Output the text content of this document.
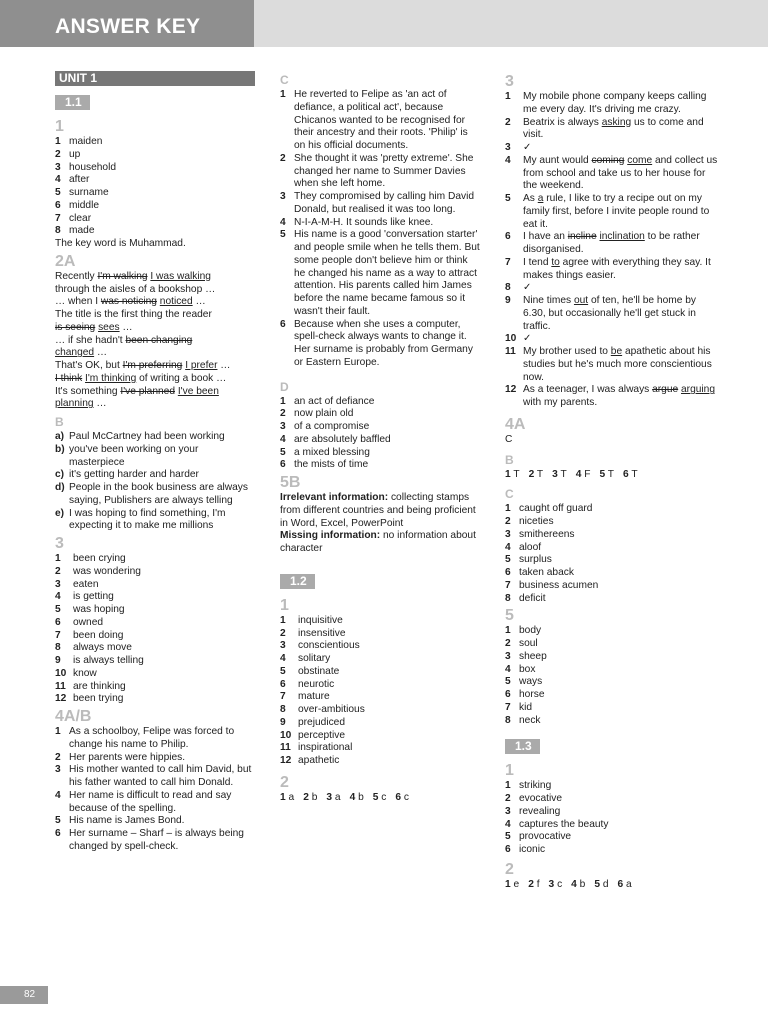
ANSWER KEY
UNIT 1
1.1
1
1 maiden
2 up
3 household
4 after
5 surname
6 middle
7 clear
8 made
The key word is Muhammad.
2A
Recently I'm walking I was walking
through the aisles of a bookshop …
… when I was noticing noticed …
The title is the first thing the reader
is seeing sees …
… if she hadn't been changing
changed …
That's OK, but I'm preferring I prefer …
I think I'm thinking of writing a book …
It's something I've planned I've been
planning …
B
a) Paul McCartney had been working
b) you've been working on your masterpiece
c) it's getting harder and harder
d) People in the book business are always saying, Publishers are always telling
e) I was hoping to find something, I'm expecting it to make me millions
3
1 been crying
2 was wondering
3 eaten
4 is getting
5 was hoping
6 owned
7 been doing
8 always move
9 is always telling
10 know
11 are thinking
12 been trying
4A/B
1 As a schoolboy, Felipe was forced to change his name to Philip.
2 Her parents were hippies.
3 His mother wanted to call him David, but his father wanted to call him Donald.
4 Her name is difficult to read and say because of the spelling.
5 His name is James Bond.
6 Her surname – Sharf – is always being changed by spell-check.
C
1 He reverted to Felipe as 'an act of defiance, a political act', because Chicanos wanted to be recognised for their ancestry and their roots. 'Philip' is on his official documents.
2 She thought it was 'pretty extreme'. She changed her name to Summer Davies when she left home.
3 They compromised by calling him David Donald, but realised it was too long.
4 N-I-A-M-H. It sounds like knee.
5 His name is a good 'conversation starter' and people smile when he tells them. But some people don't believe him or think he changed his name as a way to attract attention. His parents called him James before the name became famous so it wasn't their fault.
6 Because when she uses a computer, spell-check always wants to change it. Her surname is probably from Germany or Eastern Europe.
D
1 an act of defiance
2 now plain old
3 of a compromise
4 are absolutely baffled
5 a mixed blessing
6 the mists of time
5B
Irrelevant information: collecting stamps from different countries and being proficient in Word, Excel, PowerPoint
Missing information: no information about character
1.2
1
1 inquisitive
2 insensitive
3 conscientious
4 solitary
5 obstinate
6 neurotic
7 mature
8 over-ambitious
9 prejudiced
10 perceptive
11 inspirational
12 apathetic
2
1 a 2 b 3 a 4 b 5 c 6 c
3
1 My mobile phone company keeps calling me every day. It's driving me crazy.
2 Beatrix is always asking us to come and visit.
3 ✓
4 My aunt would coming come and collect us from school and take us to her house for the weekend.
5 As a rule, I like to try a recipe out on my family first, before I invite people round to eat it.
6 I have an incline inclination to be rather disorganised.
7 I tend to agree with everything they say. It makes things easier.
8 ✓
9 Nine times out of ten, he'll be home by 6.30, but occasionally he'll get stuck in traffic.
10 ✓
11 My brother used to be apathetic about his studies but he's much more conscientious now.
12 As a teenager, I was always argue arguing with my parents.
4A
C
B
1 T 2 T 3 T 4 F 5 T 6 T
C
1 caught off guard
2 niceties
3 smithereens
4 aloof
5 surplus
6 taken aback
7 business acumen
8 deficit
5
1 body
2 soul
3 sheep
4 box
5 ways
6 horse
7 kid
8 neck
1.3
1
1 striking
2 evocative
3 revealing
4 captures the beauty
5 provocative
6 iconic
2
1 e 2 f 3 c 4 b 5 d 6 a
82
